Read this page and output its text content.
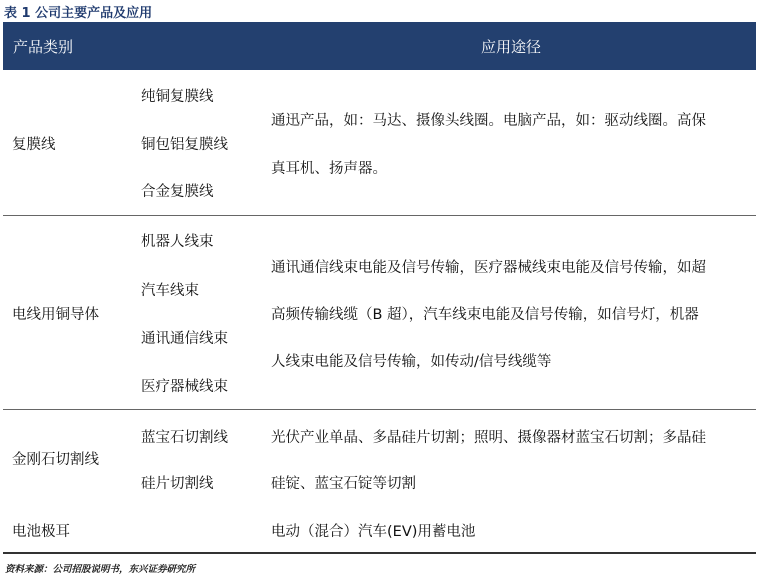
表 1 公司主要产品及应用
产品类别	应用途径
复膜线
纯铜复膜线
铜包铝复膜线
合金复膜线
通迅产品，如：马达、摄像头线圈。电脑产品，如：驱动线圈。高保
真耳机、扬声器。
电线用铜导体
机器人线束
汽车线束
通讯通信线束
医疗器械线束
通讯通信线束电能及信号传输，医疗器械线束电能及信号传输，如超
高频传输线缆（B 超），汽车线束电能及信号传输，如信号灯，机器
人线束电能及信号传输，如传动/信号线缆等
金刚石切割线
蓝宝石切割线
硅片切割线
光伏产业单晶、多晶硅片切割；照明、摄像器材蓝宝石切割；多晶硅
硅锭、蓝宝石锭等切割
电池极耳	电动（混合）汽车(EV)用蓄电池
资料来源：公司招股说明书，东兴证券研究所
